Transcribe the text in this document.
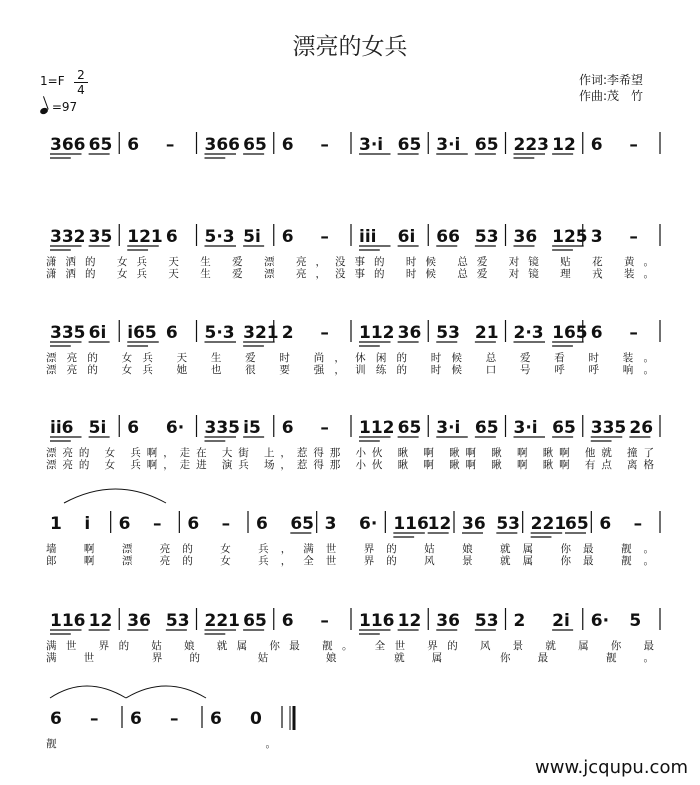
漂亮的女兵
$1=F \frac{2}{4}$
=97
作词:李希望
作曲:茂　竹
366 65 6 – 366 65 6 – 3·i 65 3·i 65 223 12 6 –
332 35 121 6 5·3 5i 6 – iii 6i 66 53 36 125 3 –
潇洒的 女兵 天 生 爱 漂 亮，没事的 时候 总爱 对镜 贴 花 黄。
潇洒的 女兵 天 生 爱 漂 亮，没事的 时候 总爱 对镜 理 戎 装。
335 6i i65 6 5·3 321 2 – 112 36 53 21 2·3 165 6 –
漂亮的 女兵 天 生 爱 时 尚，休闲的 时候 总 爱 看 时 装。
漂亮的 女兵 她 也 很 要 强，训练的 时候 口 号 呼 呼 响。
ii6 5i 6 6· 335 i5 6 – 112 65 3·i 65 3·i 65 335 26
漂亮的 女 兵啊，走在 大街 上，惹得那 小伙 瞅 啊 瞅啊 瞅 啊 瞅啊 他就 撞了
漂亮的 女 兵啊，走进 演兵 场，惹得那 小伙 瞅 啊 瞅啊 瞅 啊 瞅啊 有点 离格
1 i 6 – 6 – 6 65 3 6· 116
12 36 53 221
65 6 –
墙 啊 漂 亮的 女 兵，满世 界的 姑 娘 就属 你最 靓。
郎 啊 漂 亮的 女 兵，全世 界的 风 景 就属 你最 靓。
116 12 36 53 221 65 6 – 116 12 36 53 2 2i 6· 5
满世 界的 姑 娘 就属 你最 靓。 全世 界的 风 景 就 属 你 最
满世 界的 姑 娘 就属 你最 靓。
6 – 6 – 6 0
靓。
www.jcqupu.com
